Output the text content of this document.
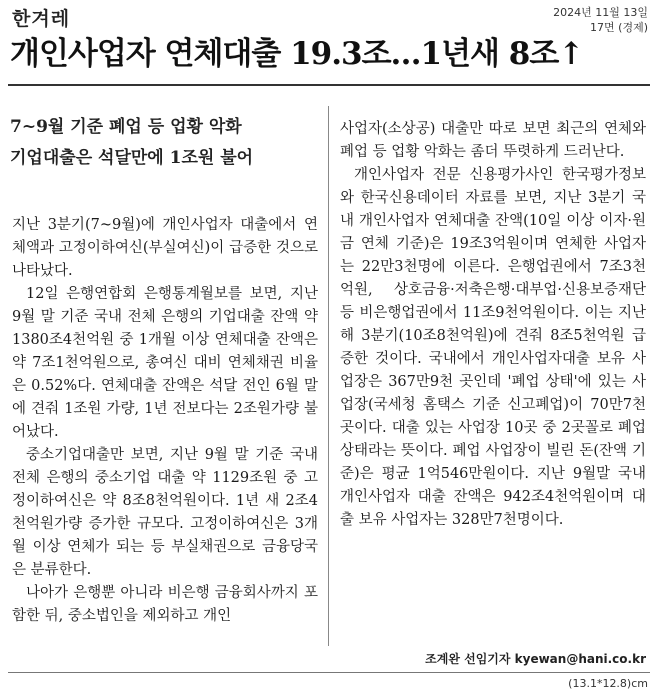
한겨레	2024년 11월 13일
17면 (경제)
개인사업자 연체대출 19.3조…1년새 8조↑
7~9월 기준 폐업 등 업황 악화
기업대출은 석달만에 1조원 불어

지난 3분기(7~9월)에 개인사업자 대출에서 연체액과 고정이하여신(부실여신)이 급증한 것으로 나타났다.

12일 은행연합회 은행통계월보를 보면, 지난 9월 말 기준 국내 전체 은행의 기업대출 잔액 약 1380조4천억원 중 1개월 이상 연체대출 잔액은 약 7조1천억원으로, 총여신 대비 연체채권 비율은 0.52%다. 연체대출 잔액은 석달 전인 6월 말에 견줘 1조원 가량, 1년 전보다는 2조원가량 불어났다.

중소기업대출만 보면, 지난 9월 말 기준 국내 전체 은행의 중소기업 대출 약 1129조원 중 고정이하여신은 약 8조8천억원이다. 1년 새 2조4천억원가량 증가한 규모다. 고정이하여신은 3개월 이상 연체가 되는 등 부실채권으로 금융당국은 분류한다.

나아가 은행뿐 아니라 비은행 금융회사까지 포함한 뒤, 중소법인을 제외하고 개인

사업자(소상공) 대출만 따로 보면 최근의 연체와 폐업 등 업황 악화는 좀더 뚜렷하게 드러난다.

개인사업자 전문 신용평가사인 한국평가정보와 한국신용데이터 자료를 보면, 지난 3분기 국내 개인사업자 연체대출 잔액(10일 이상 이자·원금 연체 기준)은 19조3억원이며 연체한 사업자는 22만3천명에 이른다. 은행업권에서 7조3천억원, 상호금융·저축은행·대부업·신용보증재단 등 비은행업권에서 11조9천억원이다. 이는 지난해 3분기(10조8천억원)에 견줘 8조5천억원 급증한 것이다. 국내에서 개인사업자대출 보유 사업장은 367만9천 곳인데 '폐업 상태'에 있는 사업장(국세청 홈택스 기준 신고폐업)이 70만7천 곳이다. 대출 있는 사업장 10곳 중 2곳꼴로 폐업 상태라는 뜻이다. 폐업 사업장이 빌린 돈(잔액 기준)은 평균 1억546만원이다. 지난 9월말 국내 개인사업자 대출 잔액은 942조4천억원이며 대출 보유 사업자는 328만7천명이다.

조계완 선임기자 kyewan@hani.co.kr
(13.1*12.8)cm
